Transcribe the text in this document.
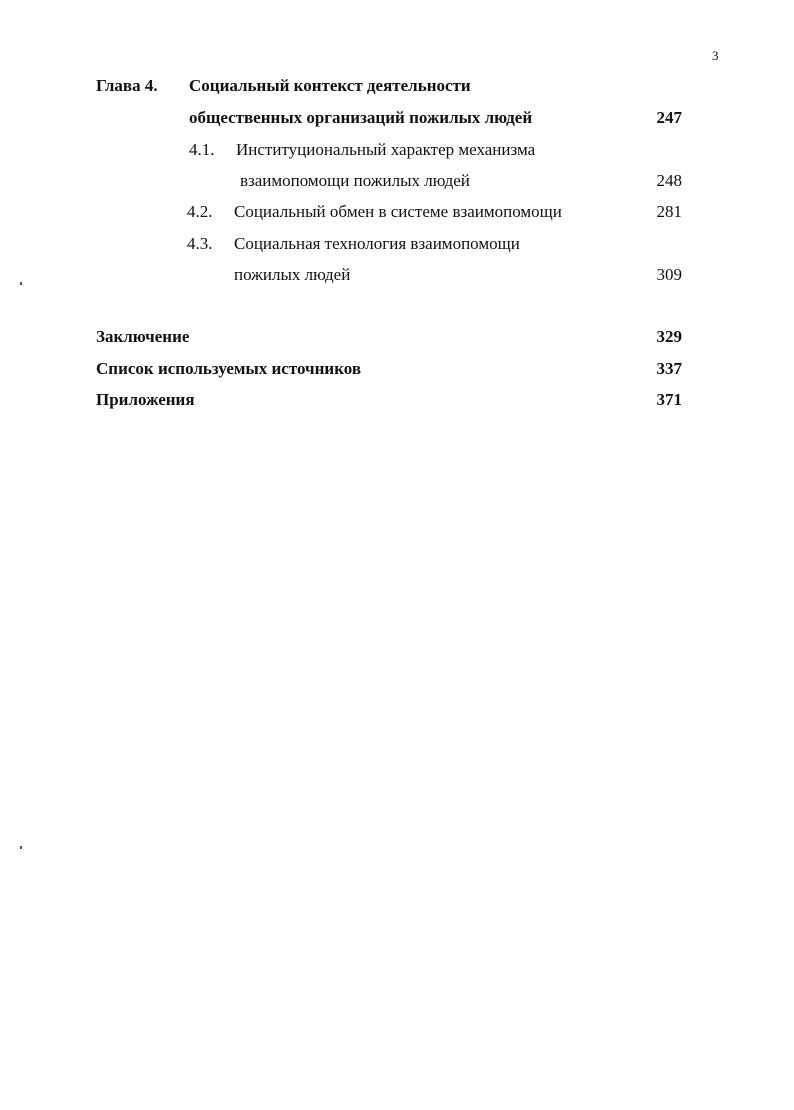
3
Глава 4. Социальный контекст деятельности
общественных организаций пожилых людей	247
4.1. Институциональный характер механизма
взаимопомощи пожилых людей	248
4.2. Социальный обмен в системе взаимопомощи	281
4.3. Социальная технология взаимопомощи
пожилых людей	309
Заключение	329
Список используемых источников	337
Приложения	371
